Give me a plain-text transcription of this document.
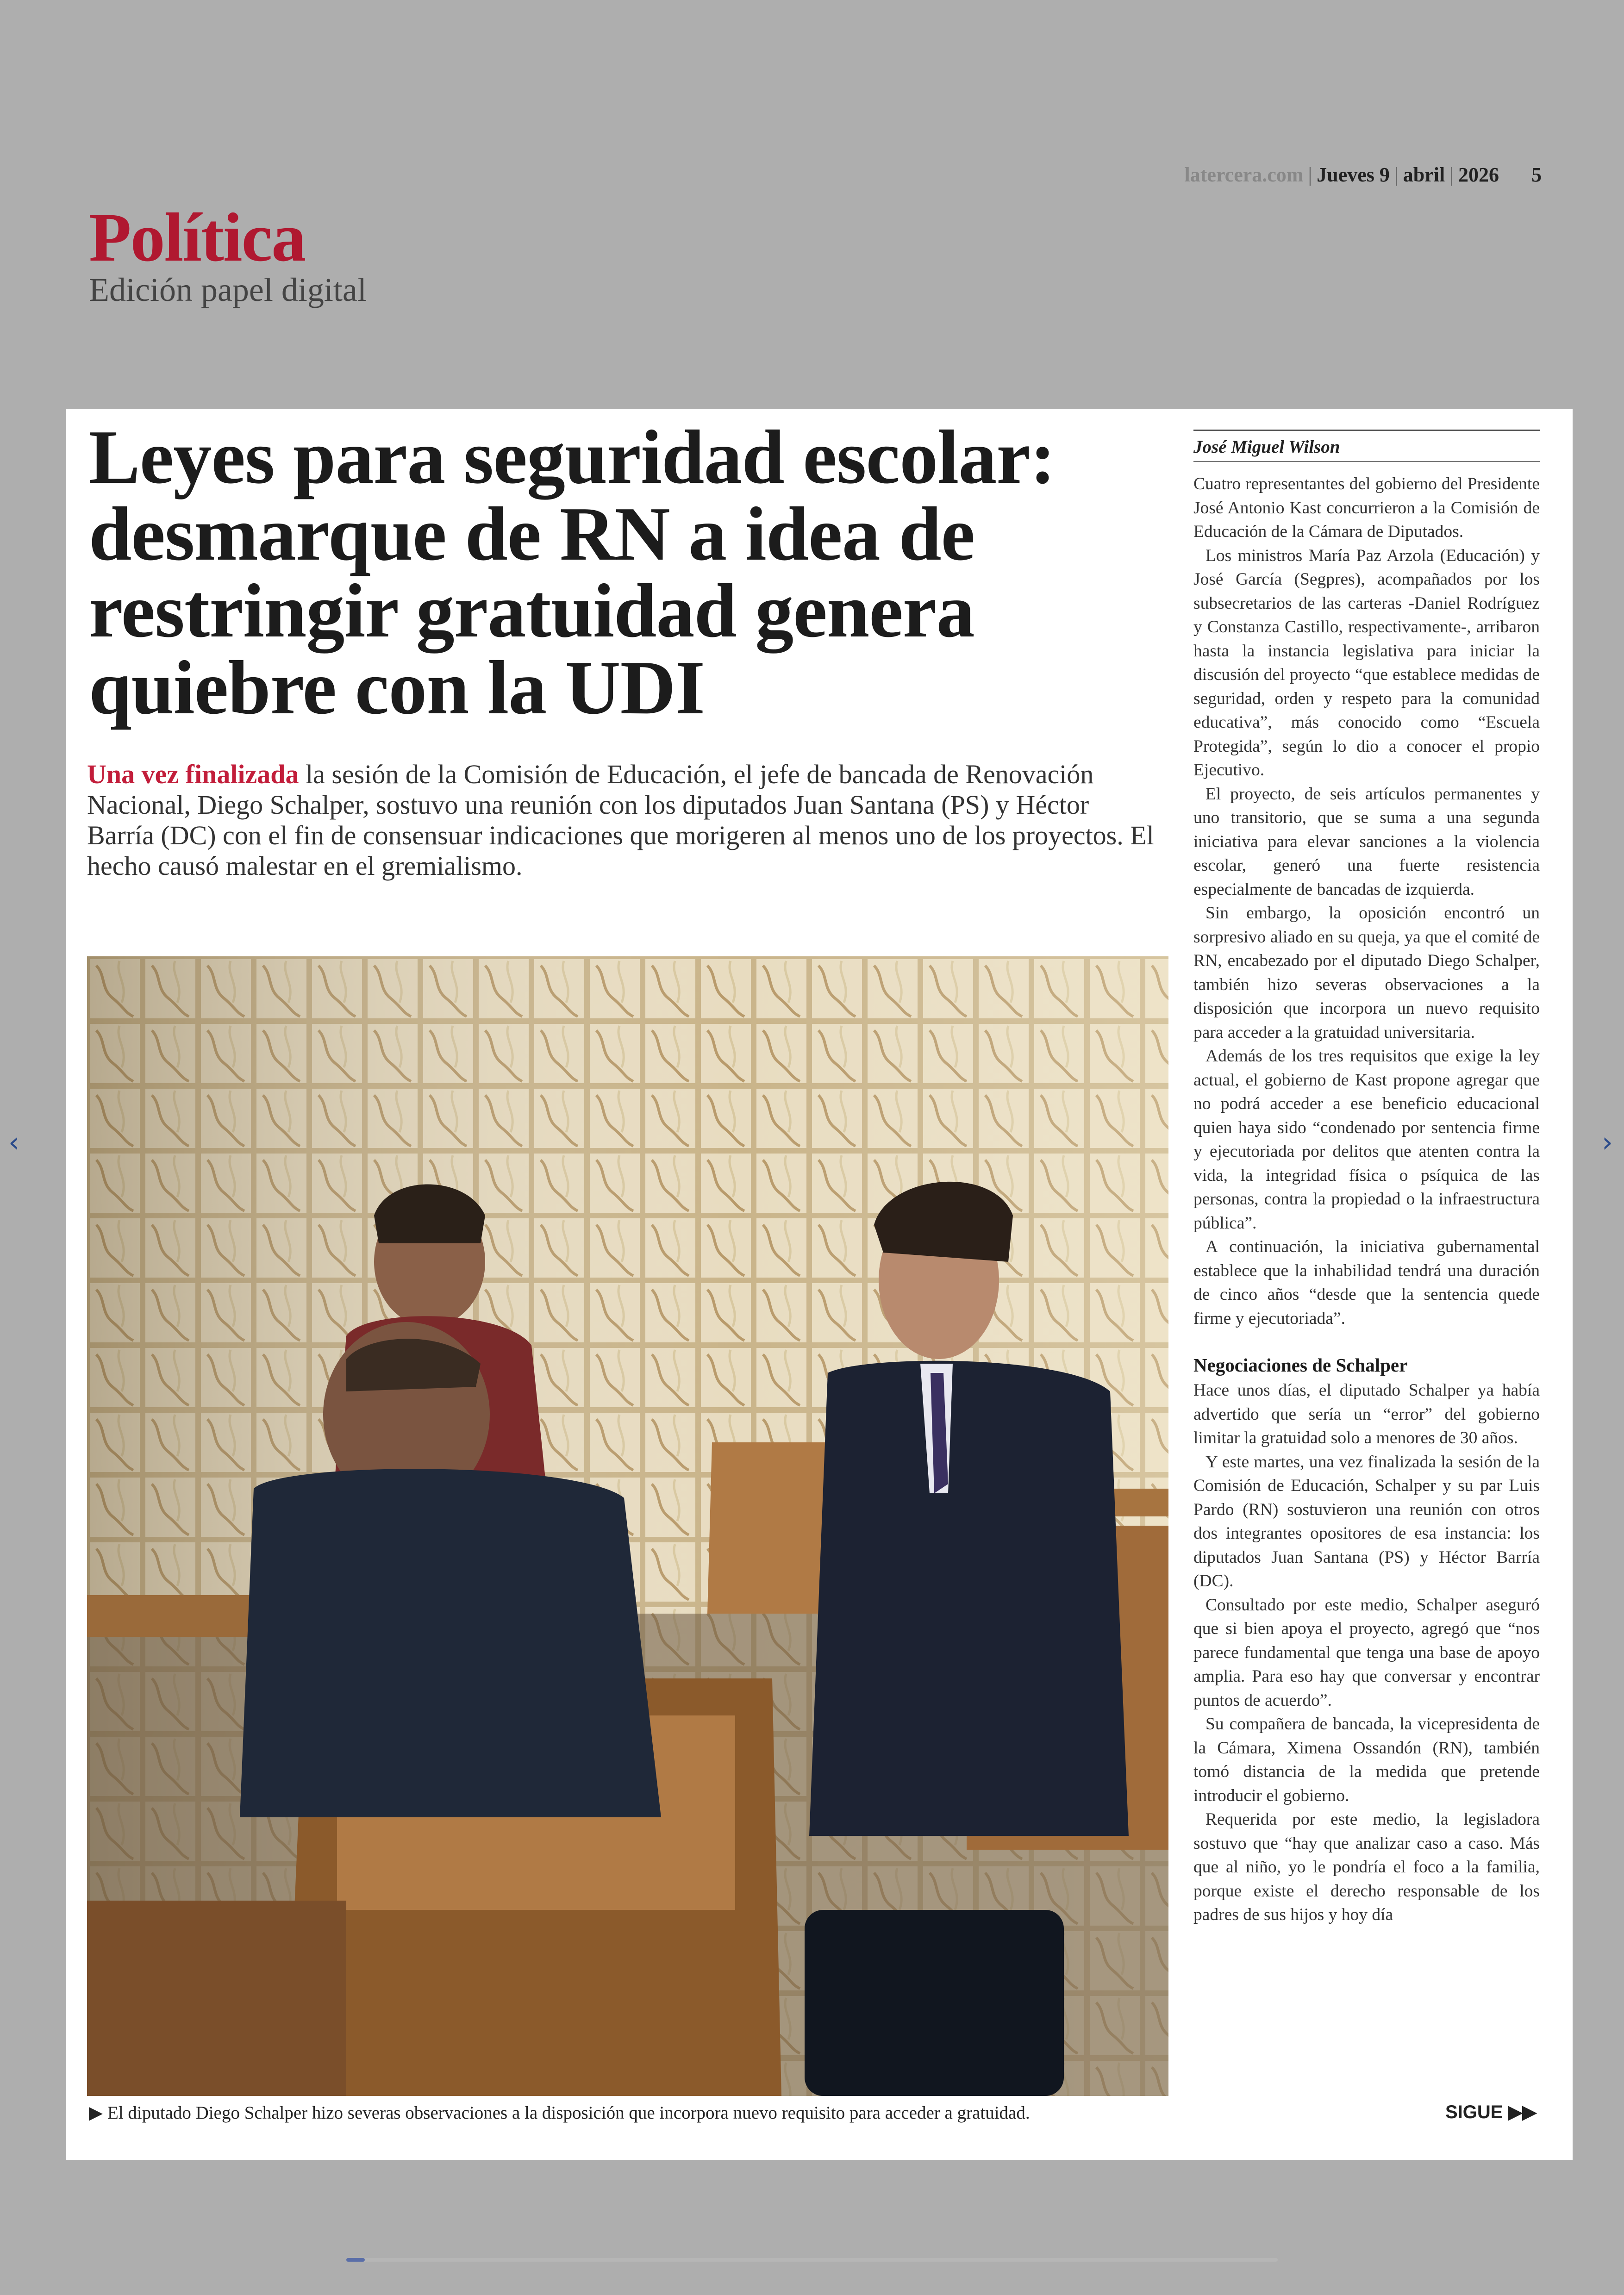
latercera.com | Jueves 9 | abril | 2026 5
Política
Edición papel digital
‹	›
Leyes para seguridad escolar: desmarque de RN a idea de restringir gratuidad genera quiebre con la UDI

Una vez finalizada la sesión de la Comisión de Educación, el jefe de bancada de Renovación Nacional, Diego Schalper, sostuvo una reunión con los diputados Juan Santana (PS) y Héctor Barría (DC) con el fin de consensuar indicaciones que morigeren al menos uno de los proyectos. El hecho causó malestar en el gremialismo.

▶ El diputado Diego Schalper hizo severas observaciones a la disposición que incorpora nuevo requisito para acceder a gratuidad.	SIGUE ▶▶
José Miguel Wilson

Cuatro representantes del gobierno del Presidente José Antonio Kast concurrieron a la Comisión de Educación de la Cámara de Diputados.

Los ministros María Paz Arzola (Educación) y José García (Segpres), acompañados por los subsecretarios de las carteras -Daniel Rodríguez y Constanza Castillo, respectivamente-, arribaron hasta la instancia legislativa para iniciar la discusión del proyecto “que establece medidas de seguridad, orden y respeto para la comunidad educativa”, más conocido como “Escuela Protegida”, según lo dio a conocer el propio Ejecutivo.

El proyecto, de seis artículos permanentes y uno transitorio, que se suma a una segunda iniciativa para elevar sanciones a la violencia escolar, generó una fuerte resistencia especialmente de bancadas de izquierda.

Sin embargo, la oposición encontró un sorpresivo aliado en su queja, ya que el comité de RN, encabezado por el diputado Diego Schalper, también hizo severas observaciones a la disposición que incorpora un nuevo requisito para acceder a la gratuidad universitaria.

Además de los tres requisitos que exige la ley actual, el gobierno de Kast propone agregar que no podrá acceder a ese beneficio educacional quien haya sido “condenado por sentencia firme y ejecutoriada por delitos que atenten contra la vida, la integridad física o psíquica de las personas, contra la propiedad o la infraestructura pública”.

A continuación, la iniciativa gubernamental establece que la inhabilidad tendrá una duración de cinco años “desde que la sentencia quede firme y ejecutoriada”.

Negociaciones de Schalper

Hace unos días, el diputado Schalper ya había advertido que sería un “error” del gobierno limitar la gratuidad solo a menores de 30 años.

Y este martes, una vez finalizada la sesión de la Comisión de Educación, Schalper y su par Luis Pardo (RN) sostuvieron una reunión con otros dos integrantes opositores de esa instancia: los diputados Juan Santana (PS) y Héctor Barría (DC).

Consultado por este medio, Schalper aseguró que si bien apoya el proyecto, agregó que “nos parece fundamental que tenga una base de apoyo amplia. Para eso hay que conversar y encontrar puntos de acuerdo”.

Su compañera de bancada, la vicepresidenta de la Cámara, Ximena Ossandón (RN), también tomó distancia de la medida que pretende introducir el gobierno.

Requerida por este medio, la legisladora sostuvo que “hay que analizar caso a caso. Más que al niño, yo le pondría el foco a la familia, porque existe el derecho responsable de los padres de sus hijos y hoy día
